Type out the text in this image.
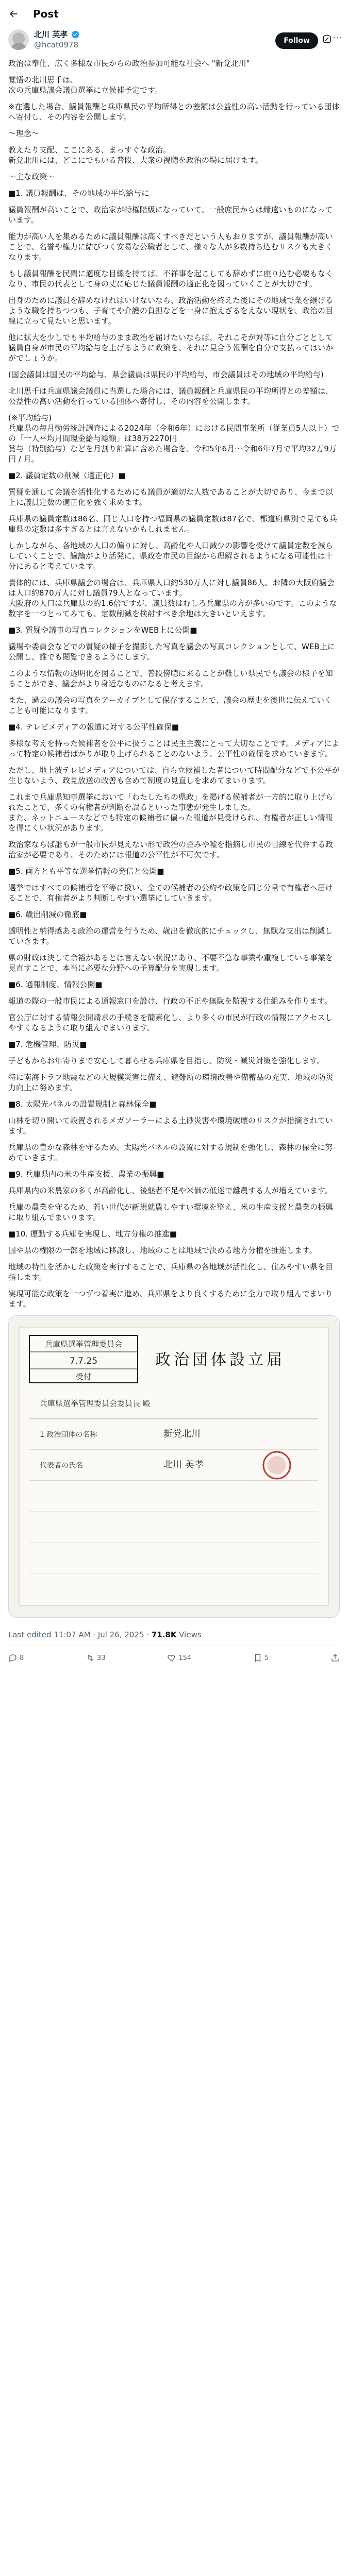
Post
北川 英孝
@hcat0978	Follow	⋯

政治は奉仕、広く多様な市民からの政治参加可能な社会へ "新党北川"

覚悟の北川思千は、
次の兵庫県議会議員選挙に立候補予定です。

※在選した場合、議員報酬と兵庫県民の平均所得との差額は公益性の高い活動を行っている団体へ寄付し、その内容を公開します。

〜理念〜

教えたり支配、ここにある、まっすぐな政治。
新党北川には、どこにでもいる普段、大衆の視聴を政治の場に届けます。

〜主な政策〜

■1. 議員報酬は、その地域の平均給与に

議員報酬が高いことで、政治家が特権階級になっていて、一般庶民からは縁遠いものになっています。

能力が高い人を集めるために議員報酬は高くすべきだという人もおりますが、議員報酬が高いことで、名誉や権力に結びつく安易な公職者として、様々な人が多数持ち込むリスクも大きくなります。

もし議員報酬を民間に適度な目線を持てば、不祥事を起こしても辞めずに座り込む必要もなくなり、市民の代表として身の丈に応じた議員報酬の適正化を図っていくことが大切です。

出身のために議員を辞めなければいけないなら、政治活動を終えた後にその地域で業を継げるような職を持ちつつも、子育てや介護の負担などを一身に抱えざるをえない現状を、政治の目線に立って見たいと思います。

他に拡大を少しでも平均給与のまま政治を届けたいならば、それこそが対等に自分ごととして議員自身が市民の平均給与を上げるように政策を、それに見合う報酬を自分で支払ってはいかがでしょうか。

(国会議員は国民の平均給与、県会議員は県民の平均給与、市会議員はその地域の平均給与)

北川思千は兵庫県議会議員に当選した場合には、議員報酬と兵庫県民の平均所得との差額は、公益性の高い活動を行っている団体へ寄付し、その内容を公開します。

(※平均給与)
兵庫県の毎月勤労統計調査による2024年（令和6年）における民間事業所（従業員5人以上）での「一人平均月間現金給与総額」は38万2270円
賞与（特別給与）などを月割り計算に含めた場合を、令和5年6月〜令和6年7月で平均32万9万円 / 月。

■2. 議員定数の削減（適正化）■

質疑を通して会議を活性化するためにも議員が適切な人数であることが大切であり、今まで以上に議員定数の適正化を強く求めます。

兵庫県の議員定数は86名、同じ人口を持つ福岡県の議員定数は87名で、都道府県別で見ても兵庫県の定数は多すぎるとは言えないかもしれません。

しかしながら、各地域の人口の偏りに対し、高齢化や人口減少の影響を受けて議員定数を減らしていくことで、議論がより活発に、県政を市民の目線から理解されるようになる可能性は十分にあると考えています。

貴体的には、兵庫県議会の場合は、兵庫県人口約530万人に対し議員86人、お隣の大阪府議会は人口約870万人に対し議員79人となっています。
大阪府の人口は兵庫県の約1.6倍ですが、議員数はむしろ兵庫県の方が多いのです。このような数字を一つとってみても、定数削減を検討すべき余地は大きいといえます。

■3. 質疑や議事の写真コレクションをWEB上に公開■

議場や委員会などでの質疑の様子を撮影した写真を議会の写真コレクションとして、WEB上に公開し、誰でも閲覧できるようにします。

このような情報の透明化を図ることで、普段傍聴に来ることが難しい県民でも議会の様子を知ることができ、議会がより身近なものになると考えます。

また、過去の議会の写真をアーカイブとして保存することで、議会の歴史を後世に伝えていくことも可能になります。

■4. テレビメディアの報道に対する公平性確保■

多様な考えを持った候補者を公平に扱うことは民主主義にとって大切なことです。メディアによって特定の候補者ばかりが取り上げられることのないよう、公平性の確保を求めていきます。

ただし、地上波テレビメディアについては、自ら立候補した者について時間配分などで不公平が生じないよう、政見放送の改善も含めて制度の見直しを求めてまいります。

これまで兵庫県知事選挙において「わたしたちの県政」を掲げる候補者が一方的に取り上げられたことで、多くの有権者が判断を誤るといった事態が発生しました。
また、ネットニュースなどでも特定の候補者に偏った報道が見受けられ、有権者が正しい情報を得にくい状況があります。

政治家ならば誰もが一般市民が見えない形で政治の歪みや嘘を指摘し市民の目線を代弁する政治家が必要であり、そのためには報道の公平性が不可欠です。

■5. 両方とも平等な選挙情報の発信と公開■

選挙ではすべての候補者を平等に扱い、全ての候補者の公約や政策を同じ分量で有権者へ届けることで、有権者がより判断しやすい選挙にしていきます。

■6. 歳出削減の徹底■

透明性と納得感ある政治の運営を行うため、歳出を徹底的にチェックし、無駄な支出は削減していきます。

県の財政は決して余裕があるとは言えない状況にあり、不要不急な事業や重複している事業を見直すことで、本当に必要な分野への予算配分を実現します。

■6. 通報制度、情報公開■

報道の際の一般市民による通報窓口を設け、行政の不正や無駄を監視する仕組みを作ります。

官公庁に対する情報公開請求の手続きを簡素化し、より多くの市民が行政の情報にアクセスしやすくなるように取り組んでまいります。

■7. 危機管理、防災■

子どもからお年寄りまで安心して暮らせる兵庫県を目指し、防災・減災対策を強化します。

特に南海トラフ地震などの大規模災害に備え、避難所の環境改善や備蓄品の充実、地域の防災力向上に努めます。

■8. 太陽光パネルの設置規制と森林保全■

山林を切り開いて設置されるメガソーラーによる土砂災害や環境破壊のリスクが指摘されています。

兵庫県の豊かな森林を守るため、太陽光パネルの設置に対する規制を強化し、森林の保全に努めていきます。

■9. 兵庫県内の米の生産支援、農業の振興■

兵庫県内の米農家の多くが高齢化し、後継者不足や米価の低迷で離農する人が増えています。

兵庫の農業を守るため、若い世代が新規就農しやすい環境を整え、米の生産支援と農業の振興に取り組んでまいります。

■10. 運動する兵庫を実現し、地方分権の推進■

国や県の権限の一部を地域に移譲し、地域のことは地域で決める地方分権を推進します。

地域の特性を活かした政策を実行することで、兵庫県の各地域が活性化し、住みやすい県を目指します。

実現可能な政策を一つずつ着実に進め、兵庫県をより良くするために全力で取り組んでまいります。

兵庫県選挙管理委員会
7.7.25
受付
政治団体設立届
兵庫県選挙管理委員会委員長 殿
1 政治団体の名称	新党北川
代表者の氏名	北川 英孝
Last edited 11:07 AM · Jul 26, 2025 · 71.8K Views
8	33	154	5
